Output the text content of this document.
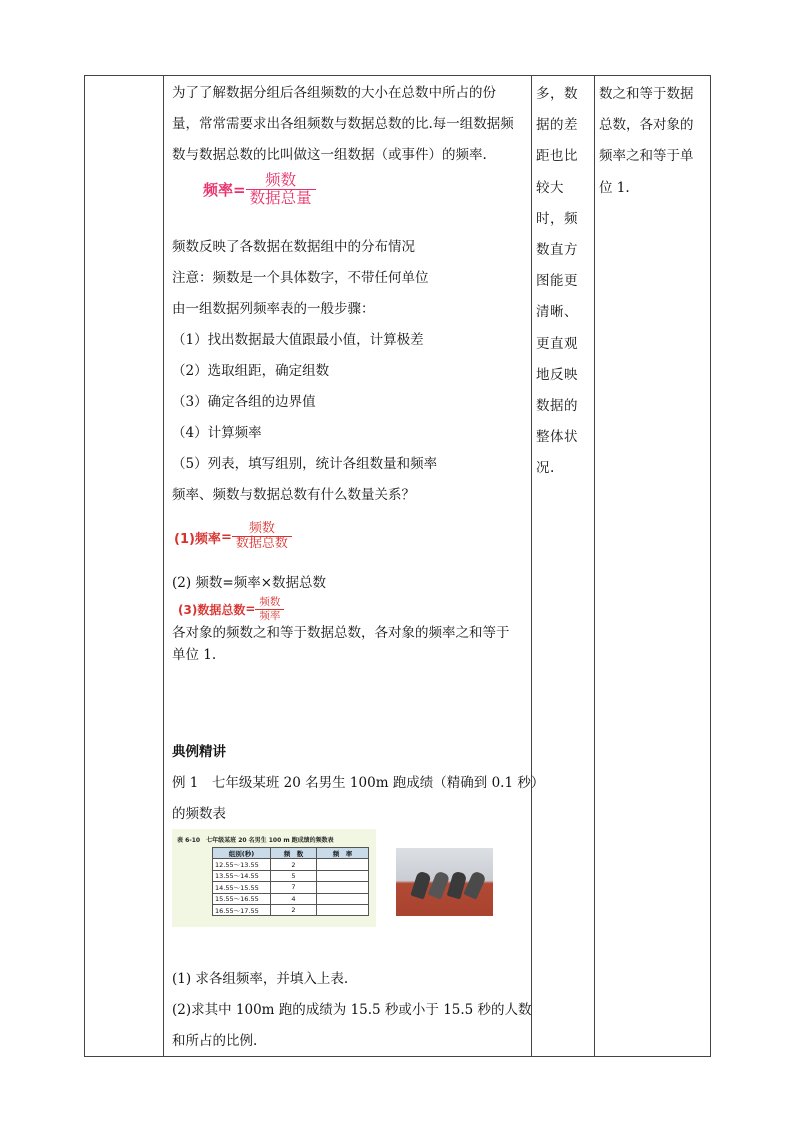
多，数
据的差
距也比
较大
时，频
数直方
图能更
清晰、
更直观
地反映
数据的
整体状
况.
数之和等于数据
总数，各对象的
频率之和等于单
位 1.
为了了解数据分组后各组频数的大小在总数中所占的份
量，常常需要求出各组频数与数据总数的比.每一组数据频
数与数据总数的比叫做这一组数据（或事件）的频率.
频率 = $\frac{\text{频数}}{\text{数据总量}}$
频数反映了各数据在数据组中的分布情况
注意：频数是一个具体数字，不带任何单位
由一组数据列频率表的一般步骤：
（1）找出数据最大值跟最小值，计算极差
（2）选取组距，确定组数
（3）确定各组的边界值
（4）计算频率
（5）列表，填写组别，统计各组数量和频率
频率、频数与数据总数有什么数量关系？
(1)频率 = $\frac{\text{频数}}{\text{数据总数}}$
(2) 频数=频率×数据总数
(3)数据总数 = $\frac{\text{频数}}{\text{频率}}$
各对象的频数之和等于数据总数，各对象的频率之和等于
单位 1.
典例精讲
例 1　七年级某班 20 名男生 100m 跑成绩（精确到 0.1 秒）
的频数表
表 6-10　七年级某班 20 名男生 100 m 跑成绩的频数表
组别(秒)	频　数	频　率
12.55～13.55	2	
13.55～14.55	5	
14.55～15.55	7	
15.55～16.55	4	
16.55～17.55	2	
(1) 求各组频率，并填入上表.
(2)求其中 100m 跑的成绩为 15.5 秒或小于 15.5 秒的人数
和所占的比例.
